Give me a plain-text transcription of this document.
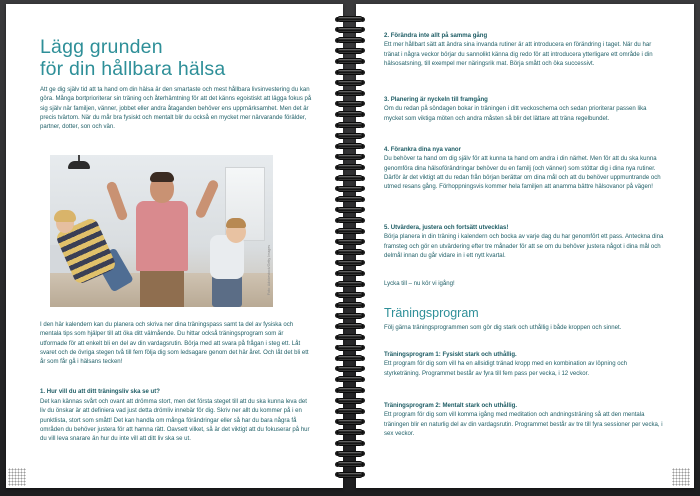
Lägg grunden
för din hållbara hälsa

Att ge dig själv tid att ta hand om din hälsa är den smartaste och mest hållbara livsinvestering du kan göra. Många bortprioriterar sin träning och återhämtning för att det känns egoistiskt att lägga fokus på sig själv när familjen, vänner, jobbet eller andra åtaganden behöver ens uppmärksamhet. Men det är precis tvärtom. När du mår bra fysiskt och mentalt blir du också en mycket mer närvarande förälder, partner, dotter, son och vän.

Foto: Adobestock/Getty Images

I den här kalendern kan du planera och skriva ner dina träningspass samt ta del av fysiska och mentala tips som hjälper till att öka ditt välmående. Du hittar också träningsprogram som är utformade för att enkelt bli en del av din vardagsrutin. Börja med att svara på frågan i steg ett. Låt svaret och de övriga stegen två till fem följa dig som ledsagare genom det här året. Och låt det bli ett år som får gå i hälsans tecken!

1. Hur vill du att ditt träningsliv ska se ut?

Det kan kännas svårt och ovant att drömma stort, men det första steget till att du ska kunna leva det liv du önskar är att definiera vad just detta drömliv innebär för dig. Skriv ner allt du kommer på i en punktlista, stort som smått! Det kan handla om många förändringar eller så har du bara några få områden du behöver justera för att hamna rätt. Oavsett vilket, så är det viktigt att du fokuserar på hur du vill leva snarare än hur du inte vill att ditt liv ska se ut.

2. Förändra inte allt på samma gång

Ett mer hållbart sätt att ändra sina invanda rutiner är att introducera en förändring i taget. När du har tränat i några veckor börjar du sannolikt känna dig redo för att introducera ytterligare ett område i din hälsosatsning, till exempel mer näringsrik mat. Börja smått och öka successivt.

3. Planering är nyckeln till framgång

Om du redan på söndagen bokar in träningen i ditt veckoschema och sedan prioriterar passen lika mycket som viktiga möten och andra måsten så blir det lättare att träna regelbundet.

4. Förankra dina nya vanor

Du behöver ta hand om dig själv för att kunna ta hand om andra i din närhet. Men för att du ska kunna genomföra dina hälsoförändringar behöver du en familj (och vänner) som stöttar dig i dina nya rutiner. Därför är det viktigt att du redan från början berättar om dina mål och att du behöver uppmuntrande och utmed resans gång. Förhoppningsvis kommer hela familjen att anamma bättre hälsovanor på vägen!

5. Utvärdera, justera och fortsätt utvecklas!

Börja planera in din träning i kalendern och bocka av varje dag du har genomfört ett pass. Anteckna dina framsteg och gör en utvärdering efter tre månader för att se om du behöver justera något i dina mål och delmål innan du går vidare in i ett nytt kvartal.

Lycka till – nu kör vi igång!

Träningsprogram

Följ gärna träningsprogrammen som gör dig stark och uthållig i både kroppen och sinnet.

Träningsprogram 1: Fysiskt stark och uthållig.

Ett program för dig som vill ha en allsidigt tränad kropp med en kombination av löpning och styrketräning. Programmet består av fyra till fem pass per vecka, i 12 veckor.

Träningsprogram 2: Mentalt stark och uthållig.

Ett program för dig som vill komma igång med meditation och andningsträning så att den mentala träningen blir en naturlig del av din vardagsrutin. Programmet består av tre till fyra sessioner per vecka, i sex veckor.
